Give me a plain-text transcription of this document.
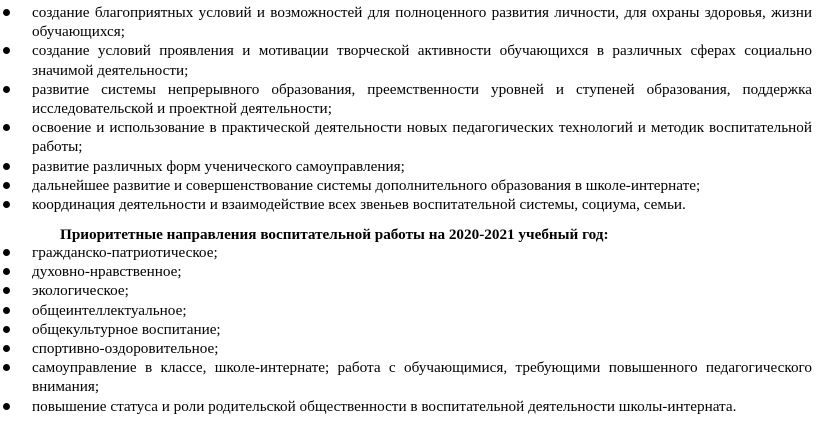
создание благоприятных условий и возможностей для полноценного развития личности, для охраны здоровья, жизни обучающихся;
создание условий проявления и мотивации творческой активности обучающихся в различных сферах социально значимой деятельности;
развитие системы непрерывного образования, преемственности уровней и ступеней образования, поддержка исследовательской и проектной деятельности;
освоение и использование в практической деятельности новых педагогических технологий и методик воспитательной работы;
развитие различных форм ученического самоуправления;
дальнейшее развитие и совершенствование системы дополнительного образования в школе-интернате;
координация деятельности и взаимодействие всех звеньев воспитательной системы, социума, семьи.
Приоритетные направления воспитательной работы на 2020-2021 учебный год:
гражданско-патриотическое;
духовно-нравственное;
экологическое;
общеинтеллектуальное;
общекультурное воспитание;
спортивно-оздоровительное;
самоуправление в классе, школе-интернате; работа с обучающимися, требующими повышенного педагогического внимания;
повышение статуса и роли родительской общественности в воспитательной деятельности школы-интерната.
